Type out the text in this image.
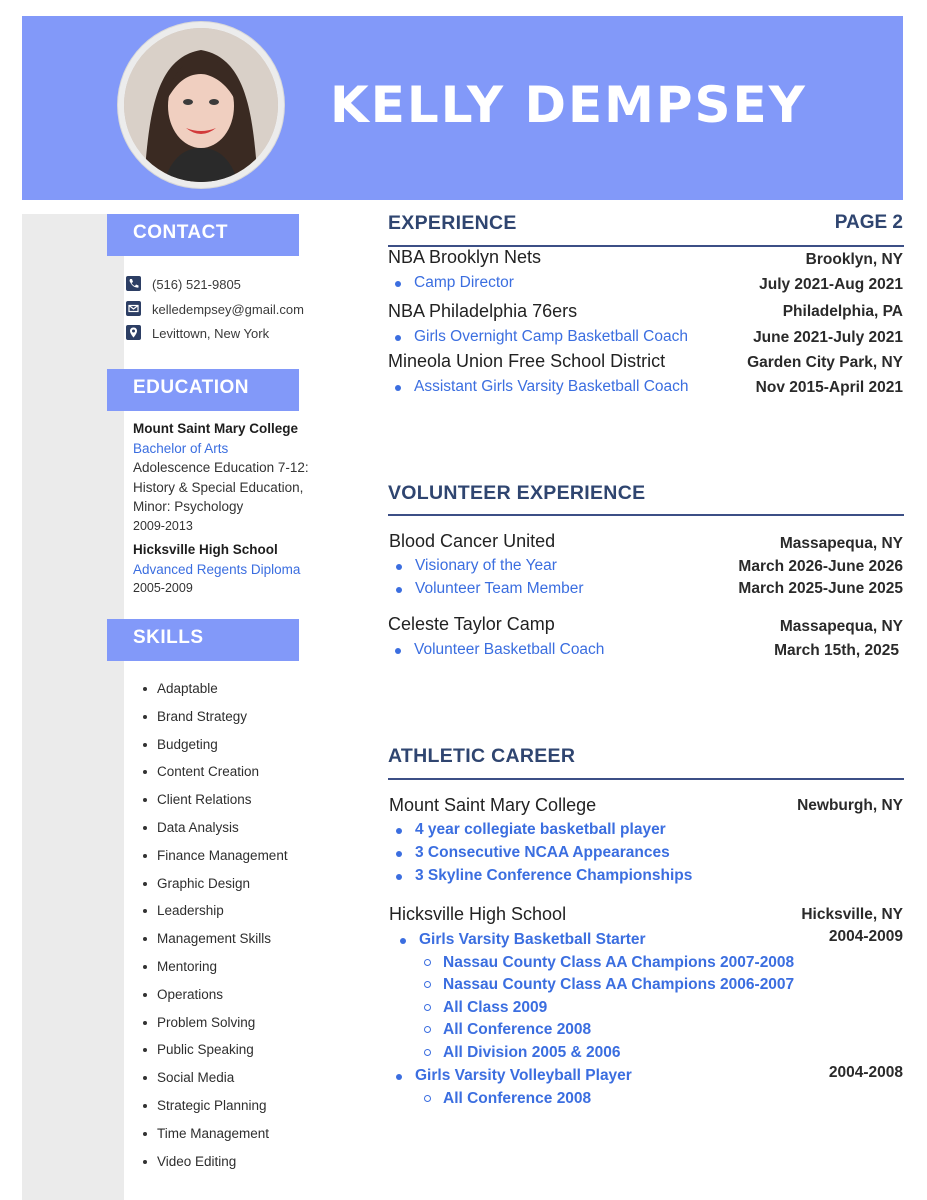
KELLY DEMPSEY
CONTACT
(516) 521-9805
kelledempsey@gmail.com
Levittown, New York
EDUCATION
Mount Saint Mary College
Bachelor of Arts
Adolescence Education 7-12:
History & Special Education,
Minor: Psychology
2009-2013
Hicksville High School
Advanced Regents Diploma
2005-2009
SKILLS
Adaptable
Brand Strategy
Budgeting
Content Creation
Client Relations
Data Analysis
Finance Management
Graphic Design
Leadership
Management Skills
Mentoring
Operations
Problem Solving
Public Speaking
Social Media
Strategic Planning
Time Management
Video Editing
EXPERIENCE	PAGE 2
NBA Brooklyn Nets	Brooklyn, NY
Camp Director	July 2021-Aug 2021
NBA Philadelphia 76ers	Philadelphia, PA
Girls Overnight Camp Basketball Coach	June 2021-July 2021
Mineola Union Free School District	Garden City Park, NY
Assistant Girls Varsity Basketball Coach	Nov 2015-April 2021
VOLUNTEER EXPERIENCE
Blood Cancer United	Massapequa, NY
Visionary of the Year	March 2026-June 2026
Volunteer Team Member	March 2025-June 2025
Celeste Taylor Camp	Massapequa, NY
Volunteer Basketball Coach	March 15th, 2025
ATHLETIC CAREER
Mount Saint Mary College	Newburgh, NY
4 year collegiate basketball player
3 Consecutive NCAA Appearances
3 Skyline Conference Championships
Hicksville High School	Hicksville, NY
Girls Varsity Basketball Starter	2004-2009
Nassau County Class AA Champions 2007-2008
Nassau County Class AA Champions 2006-2007
All Class 2009
All Conference 2008
All Division 2005 & 2006
Girls Varsity Volleyball Player	2004-2008
All Conference 2008
